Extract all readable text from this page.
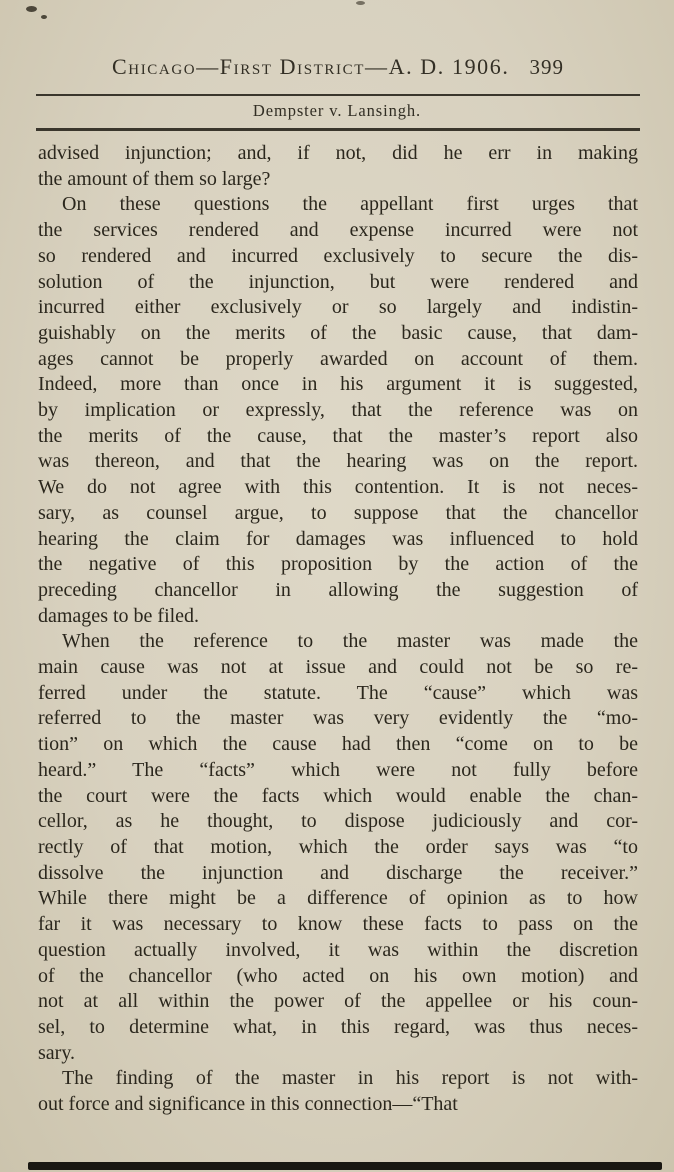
Chicago—First District—A. D. 1906. 399
Dempster v. Lansingh.
advised injunction; and, if not, did he err in making
the amount of them so large?
On these questions the appellant first urges that
the services rendered and expense incurred were not
so rendered and incurred exclusively to secure the dis-
solution of the injunction, but were rendered and
incurred either exclusively or so largely and indistin-
guishably on the merits of the basic cause, that dam-
ages cannot be properly awarded on account of them.
Indeed, more than once in his argument it is suggested,
by implication or expressly, that the reference was on
the merits of the cause, that the master’s report also
was thereon, and that the hearing was on the report.
We do not agree with this contention. It is not neces-
sary, as counsel argue, to suppose that the chancellor
hearing the claim for damages was influenced to hold
the negative of this proposition by the action of the
preceding chancellor in allowing the suggestion of
damages to be filed.
When the reference to the master was made the
main cause was not at issue and could not be so re-
ferred under the statute. The “cause” which was
referred to the master was very evidently the “mo-
tion” on which the cause had then “come on to be
heard.” The “facts” which were not fully before
the court were the facts which would enable the chan-
cellor, as he thought, to dispose judiciously and cor-
rectly of that motion, which the order says was “to
dissolve the injunction and discharge the receiver.”
While there might be a difference of opinion as to how
far it was necessary to know these facts to pass on the
question actually involved, it was within the discretion
of the chancellor (who acted on his own motion) and
not at all within the power of the appellee or his coun-
sel, to determine what, in this regard, was thus neces-
sary.
The finding of the master in his report is not with-
out force and significance in this connection—“That
